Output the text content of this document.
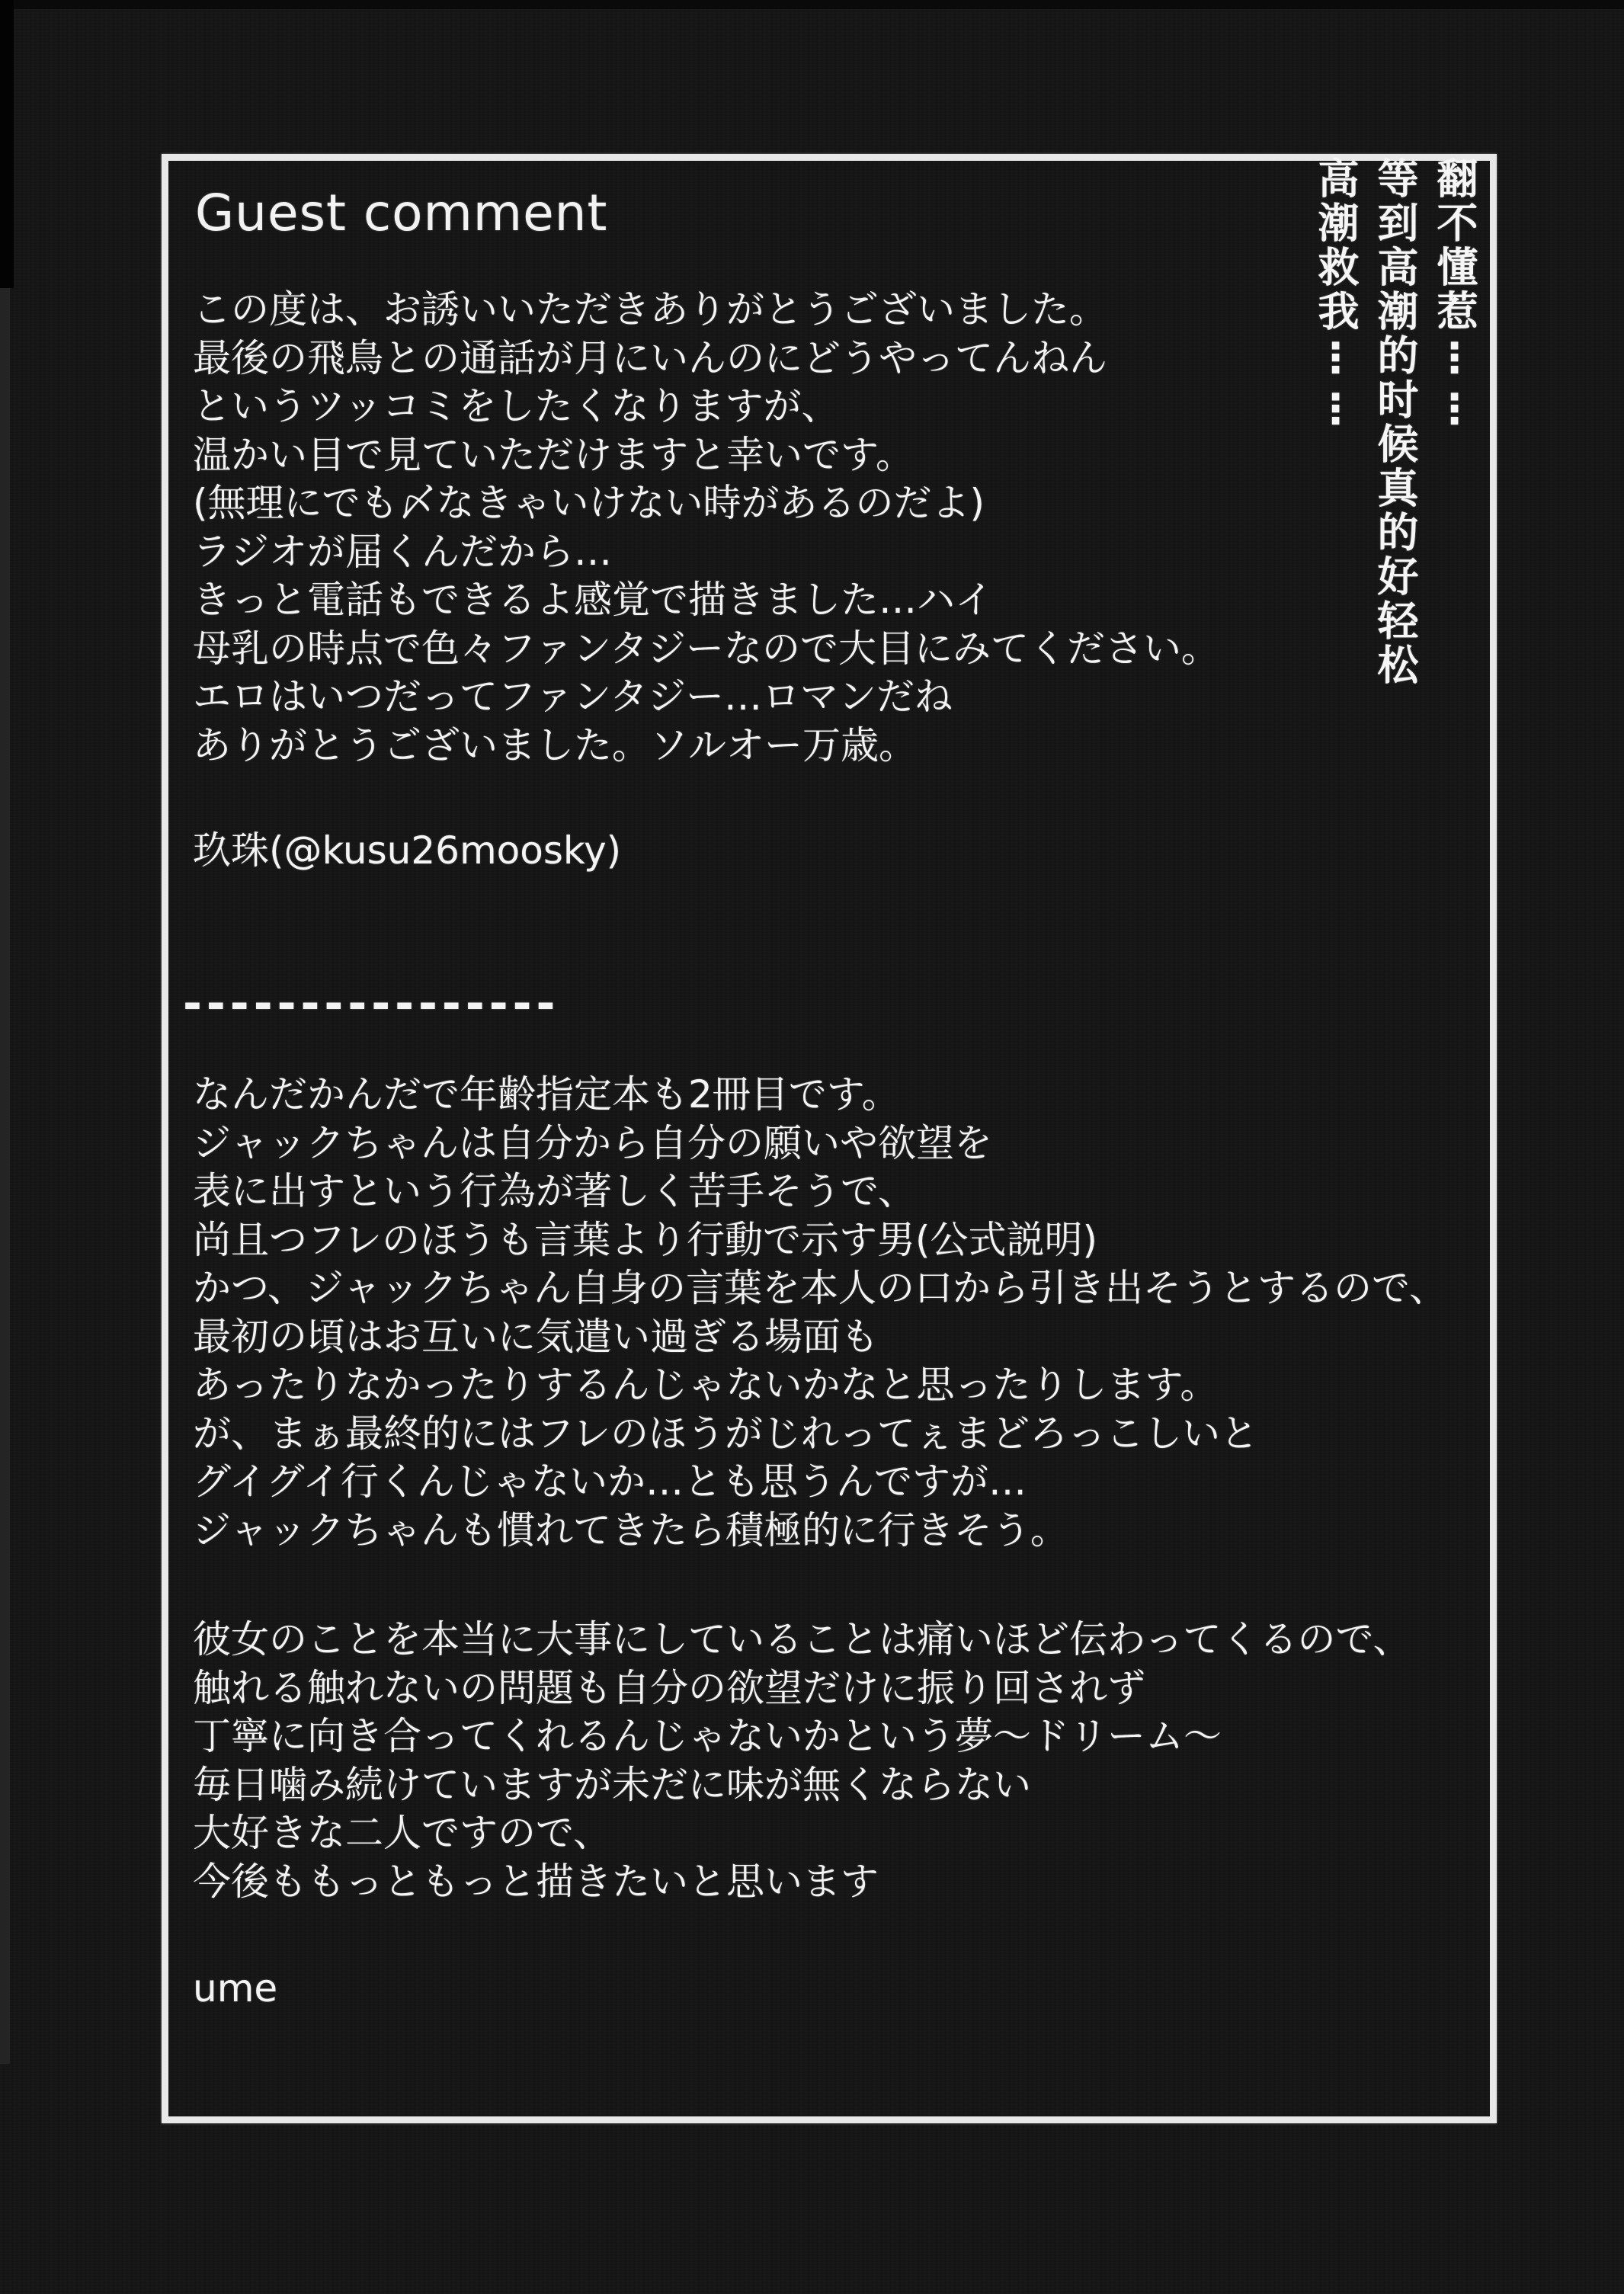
Guest comment
この度は、お誘いいただきありがとうございました。
最後の飛鳥との通話が月にいんのにどうやってんねん
というツッコミをしたくなりますが、
温かい目で見ていただけますと幸いです。
(無理にでも〆なきゃいけない時があるのだよ)
ラジオが届くんだから…
きっと電話もできるよ感覚で描きました…ハイ
母乳の時点で色々ファンタジーなので大目にみてください。
エロはいつだってファンタジー…ロマンだね
ありがとうございました。ソルオー万歳。
玖珠(@kusu26moosky)
----------------
なんだかんだで年齢指定本も2冊目です。
ジャックちゃんは自分から自分の願いや欲望を
表に出すという行為が著しく苦手そうで、
尚且つフレのほうも言葉より行動で示す男(公式説明)
かつ、ジャックちゃん自身の言葉を本人の口から引き出そうとするので、
最初の頃はお互いに気遣い過ぎる場面も
あったりなかったりするんじゃないかなと思ったりします。
が、まぁ最終的にはフレのほうがじれってぇまどろっこしいと
グイグイ行くんじゃないか…とも思うんですが…
ジャックちゃんも慣れてきたら積極的に行きそう。
彼女のことを本当に大事にしていることは痛いほど伝わってくるので、
触れる触れないの問題も自分の欲望だけに振り回されず
丁寧に向き合ってくれるんじゃないかという夢〜ドリーム〜
毎日噛み続けていますが未だに味が無くならない
大好きな二人ですので、
今後ももっともっと描きたいと思います
ume
翻不懂惹⋮⋮
等到高潮的时候真的好轻松
高潮救我⋮⋮
